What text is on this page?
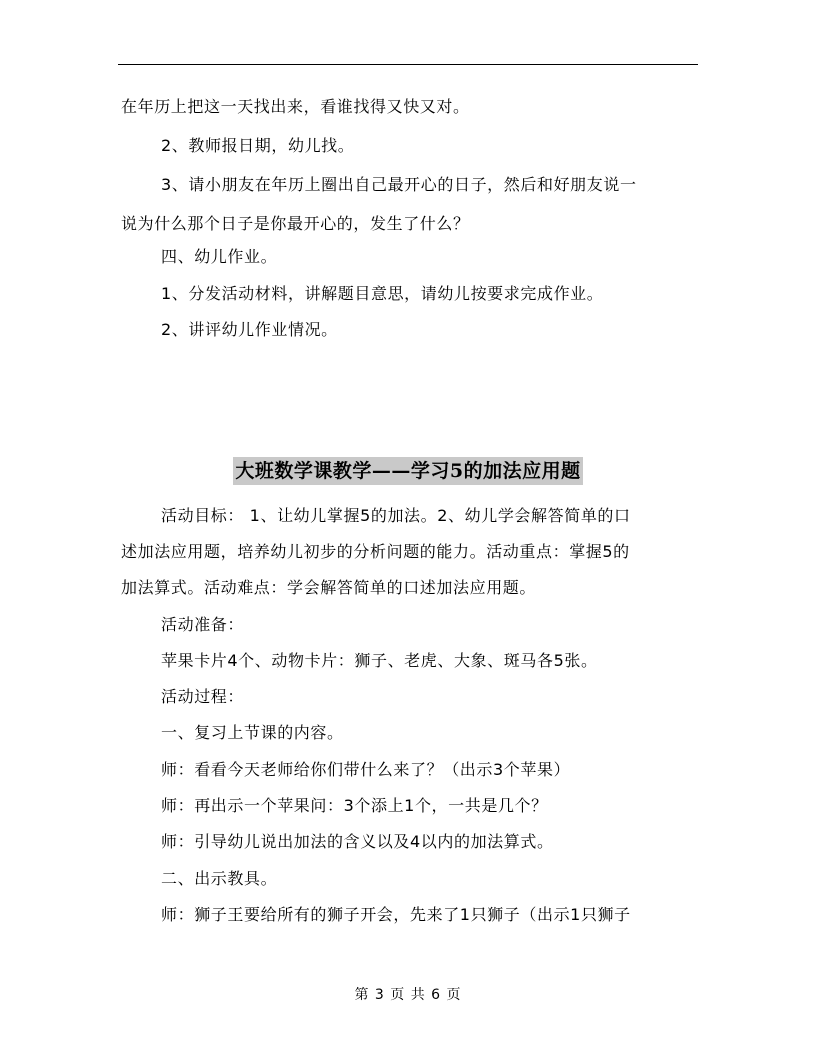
在年历上把这一天找出来，看谁找得又快又对。
2、教师报日期，幼儿找。
3、请小朋友在年历上圈出自己最开心的日子，然后和好朋友说一
说为什么那个日子是你最开心的，发生了什么？
四、幼儿作业。
1、分发活动材料，讲解题目意思，请幼儿按要求完成作业。
2、讲评幼儿作业情况。
大班数学课教学——学习5的加法应用题
活动目标： 1、让幼儿掌握5的加法。2、幼儿学会解答简单的口
述加法应用题，培养幼儿初步的分析问题的能力。活动重点：掌握5的
加法算式。活动难点：学会解答简单的口述加法应用题。
活动准备：
苹果卡片4个、动物卡片：狮子、老虎、大象、斑马各5张。
活动过程：
一、复习上节课的内容。
师：看看今天老师给你们带什么来了？（出示3个苹果）
师：再出示一个苹果问：3个添上1个，一共是几个？
师：引导幼儿说出加法的含义以及4以内的加法算式。
二、出示教具。
师：狮子王要给所有的狮子开会，先来了1只狮子（出示1只狮子
第 3 页 共 6 页
